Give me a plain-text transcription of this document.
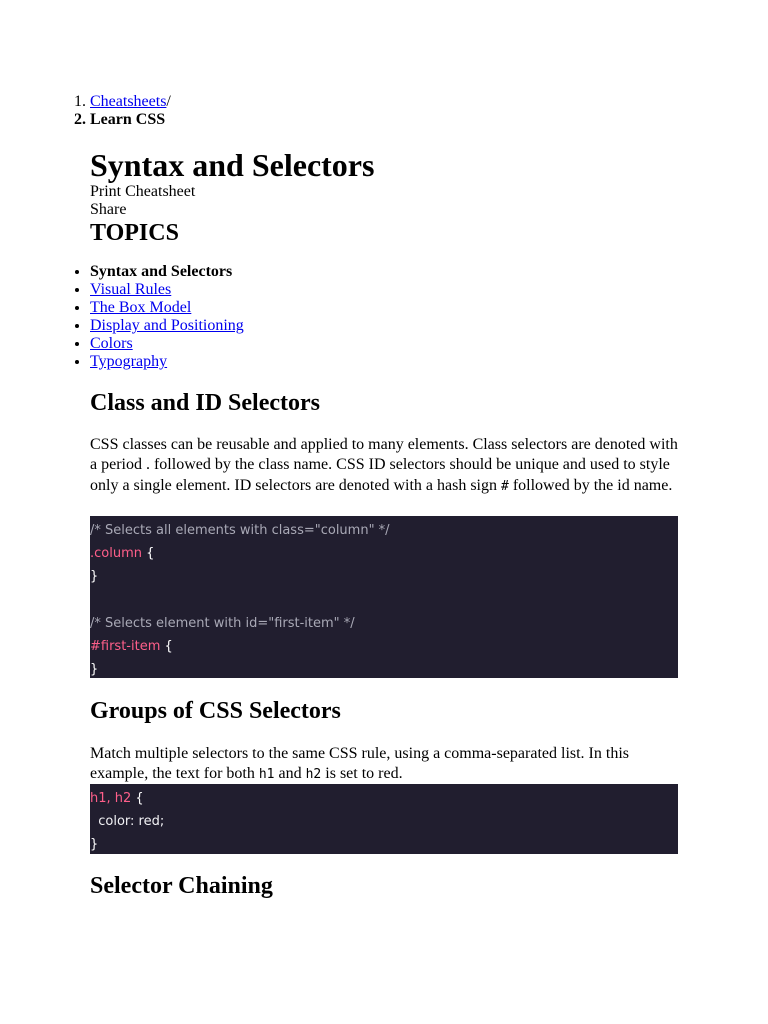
1. Cheatsheets/
2. Learn CSS
Syntax and Selectors
Print Cheatsheet
Share
TOPICS
• Syntax and Selectors
• Visual Rules
• The Box Model
• Display and Positioning
• Colors
• Typography
Class and ID Selectors

CSS classes can be reusable and applied to many elements. Class selectors are denoted with a period . followed by the class name. CSS ID selectors should be unique and used to style only a single element. ID selectors are denoted with a hash sign # followed by the id name.

/* Selects all elements with class="column" */
.column {
}
/* Selects element with id="first-item" */
#first-item {
}
Groups of CSS Selectors

Match multiple selectors to the same CSS rule, using a comma-separated list. In this example, the text for both h1 and h2 is set to red.

h1, h2 {
color: red;
}
Selector Chaining
